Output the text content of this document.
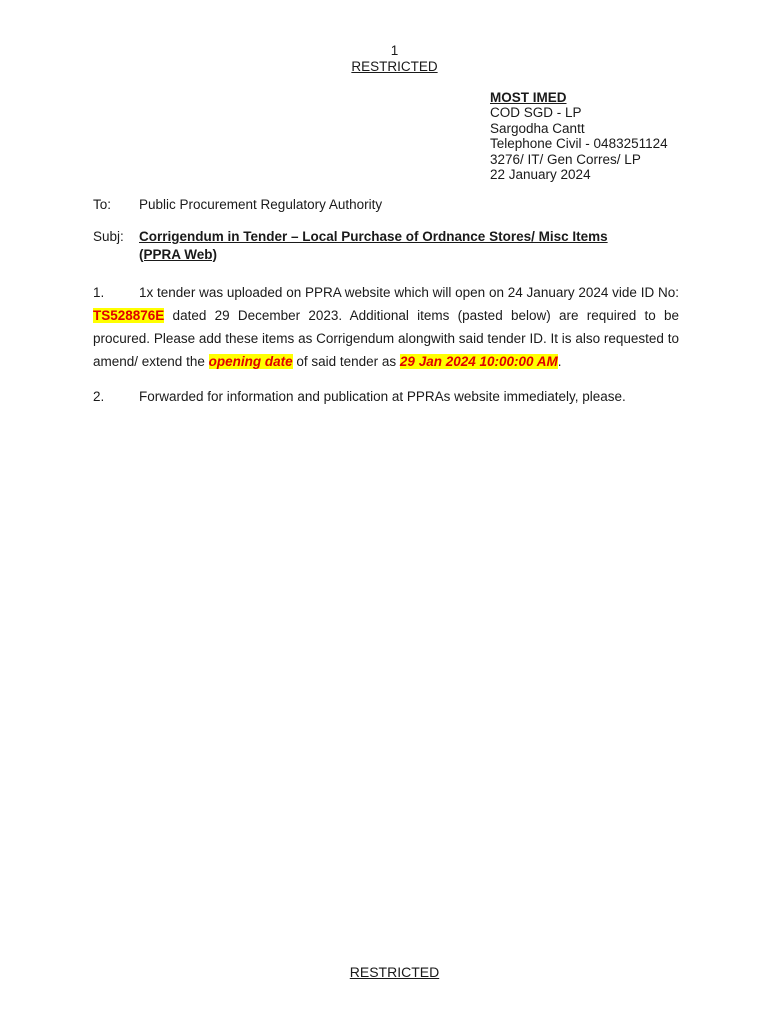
1
RESTRICTED
MOST IMED
COD SGD - LP
Sargodha Cantt
Telephone Civil - 0483251124
3276/ IT/ Gen Corres/ LP
22 January 2024
To: Public Procurement Regulatory Authority
Subj: Corrigendum in Tender – Local Purchase of Ordnance Stores/ Misc Items
(PPRA Web)
1.	1x tender was uploaded on PPRA website which will open on 24 January 2024 vide ID No: TS528876E dated 29 December 2023. Additional items (pasted below) are required to be procured. Please add these items as Corrigendum alongwith said tender ID. It is also requested to amend/ extend the opening date of said tender as 29 Jan 2024 10:00:00 AM.
2.	Forwarded for information and publication at PPRAs website immediately, please.
RESTRICTED
